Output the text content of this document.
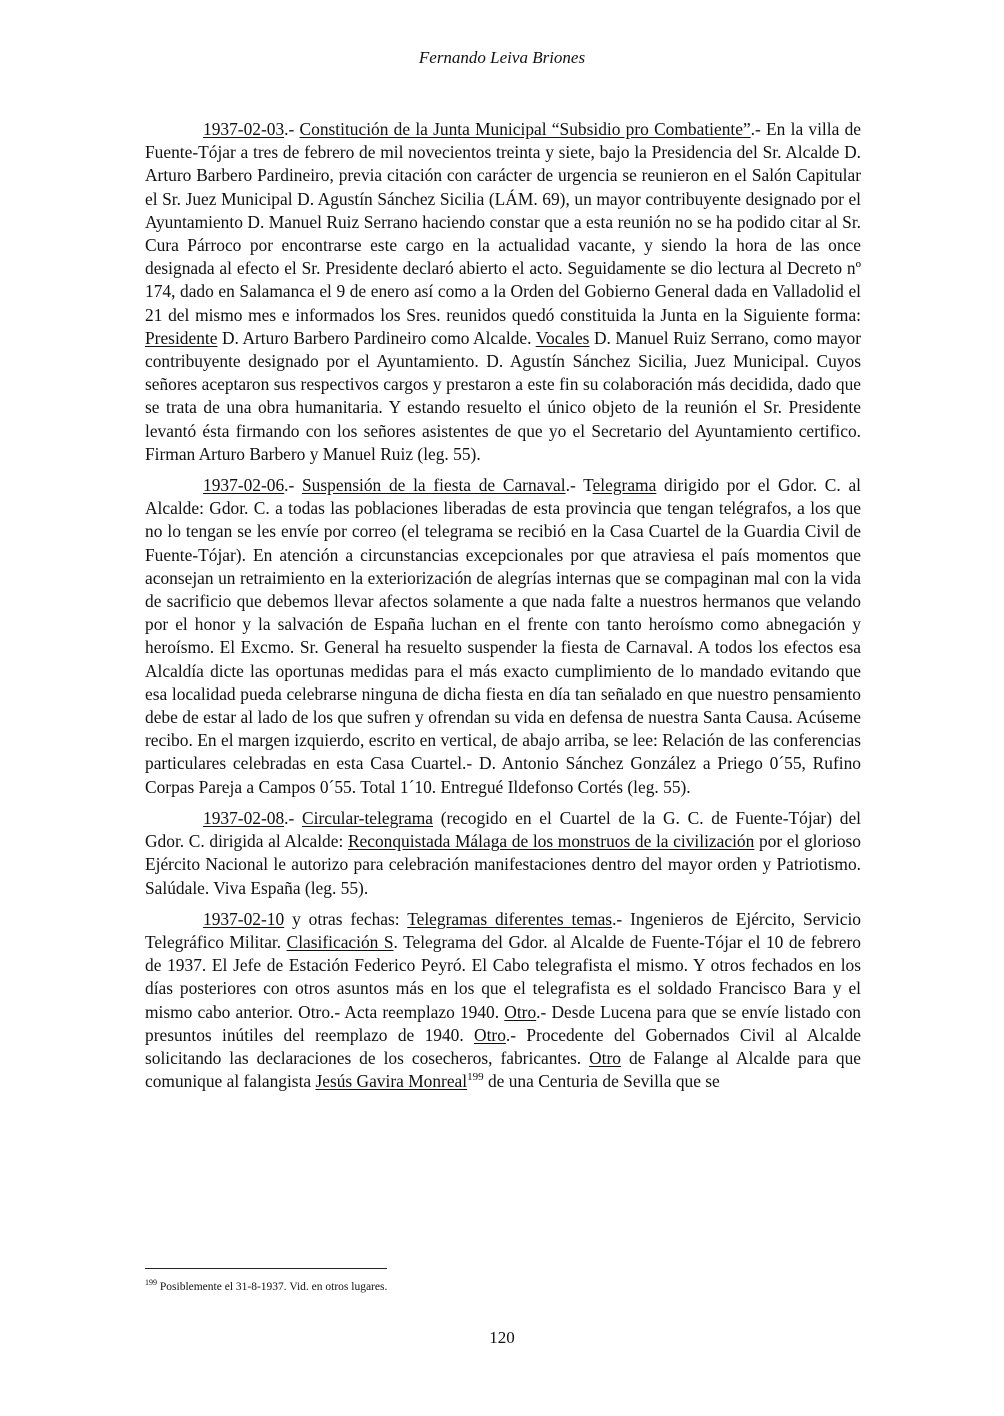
Fernando Leiva Briones

1937-02-03.- Constitución de la Junta Municipal “Subsidio pro Combatiente”.- En la villa de Fuente-Tójar a tres de febrero de mil novecientos treinta y siete, bajo la Presidencia del Sr. Alcalde D. Arturo Barbero Pardineiro, previa citación con carácter de urgencia se reunieron en el Salón Capitular el Sr. Juez Municipal D. Agustín Sánchez Sicilia (LÁM. 69), un mayor contribuyente designado por el Ayuntamiento D. Manuel Ruiz Serrano haciendo constar que a esta reunión no se ha podido citar al Sr. Cura Párroco por encontrarse este cargo en la actualidad vacante, y siendo la hora de las once designada al efecto el Sr. Presidente declaró abierto el acto. Seguidamente se dio lectura al Decreto nº 174, dado en Salamanca el 9 de enero así como a la Orden del Gobierno General dada en Valladolid el 21 del mismo mes e informados los Sres. reunidos quedó constituida la Junta en la Siguiente forma: Presidente D. Arturo Barbero Pardineiro como Alcalde. Vocales D. Manuel Ruiz Serrano, como mayor contribuyente designado por el Ayuntamiento. D. Agustín Sánchez Sicilia, Juez Municipal. Cuyos señores aceptaron sus respectivos cargos y prestaron a este fin su colaboración más decidida, dado que se trata de una obra humanitaria. Y estando resuelto el único objeto de la reunión el Sr. Presidente levantó ésta firmando con los señores asistentes de que yo el Secretario del Ayuntamiento certifico. Firman Arturo Barbero y Manuel Ruiz (leg. 55).

1937-02-06.- Suspensión de la fiesta de Carnaval.- Telegrama dirigido por el Gdor. C. al Alcalde: Gdor. C. a todas las poblaciones liberadas de esta provincia que tengan telégrafos, a los que no lo tengan se les envíe por correo (el telegrama se recibió en la Casa Cuartel de la Guardia Civil de Fuente-Tójar). En atención a circunstancias excepcionales por que atraviesa el país momentos que aconsejan un retraimiento en la exteriorización de alegrías internas que se compaginan mal con la vida de sacrificio que debemos llevar afectos solamente a que nada falte a nuestros hermanos que velando por el honor y la salvación de España luchan en el frente con tanto heroísmo como abnegación y heroísmo. El Excmo. Sr. General ha resuelto suspender la fiesta de Carnaval. A todos los efectos esa Alcaldía dicte las oportunas medidas para el más exacto cumplimiento de lo mandado evitando que esa localidad pueda celebrarse ninguna de dicha fiesta en día tan señalado en que nuestro pensamiento debe de estar al lado de los que sufren y ofrendan su vida en defensa de nuestra Santa Causa. Acúseme recibo. En el margen izquierdo, escrito en vertical, de abajo arriba, se lee: Relación de las conferencias particulares celebradas en esta Casa Cuartel.- D. Antonio Sánchez González a Priego 0´55, Rufino Corpas Pareja a Campos 0´55. Total 1´10. Entregué Ildefonso Cortés (leg. 55).

1937-02-08.- Circular-telegrama (recogido en el Cuartel de la G. C. de Fuente-Tójar) del Gdor. C. dirigida al Alcalde: Reconquistada Málaga de los monstruos de la civilización por el glorioso Ejército Nacional le autorizo para celebración manifestaciones dentro del mayor orden y Patriotismo. Salúdale. Viva España (leg. 55).

1937-02-10 y otras fechas: Telegramas diferentes temas.- Ingenieros de Ejército, Servicio Telegráfico Militar. Clasificación S. Telegrama del Gdor. al Alcalde de Fuente-Tójar el 10 de febrero de 1937. El Jefe de Estación Federico Peyró. El Cabo telegrafista el mismo. Y otros fechados en los días posteriores con otros asuntos más en los que el telegrafista es el soldado Francisco Bara y el mismo cabo anterior. Otro.- Acta reemplazo 1940. Otro.- Desde Lucena para que se envíe listado con presuntos inútiles del reemplazo de 1940. Otro.- Procedente del Gobernados Civil al Alcalde solicitando las declaraciones de los cosecheros, fabricantes. Otro de Falange al Alcalde para que comunique al falangista Jesús Gavira Monreal$^{199}$ de una Centuria de Sevilla que se

$^{199}$ Posiblemente el 31-8-1937. Vid. en otros lugares.
120
